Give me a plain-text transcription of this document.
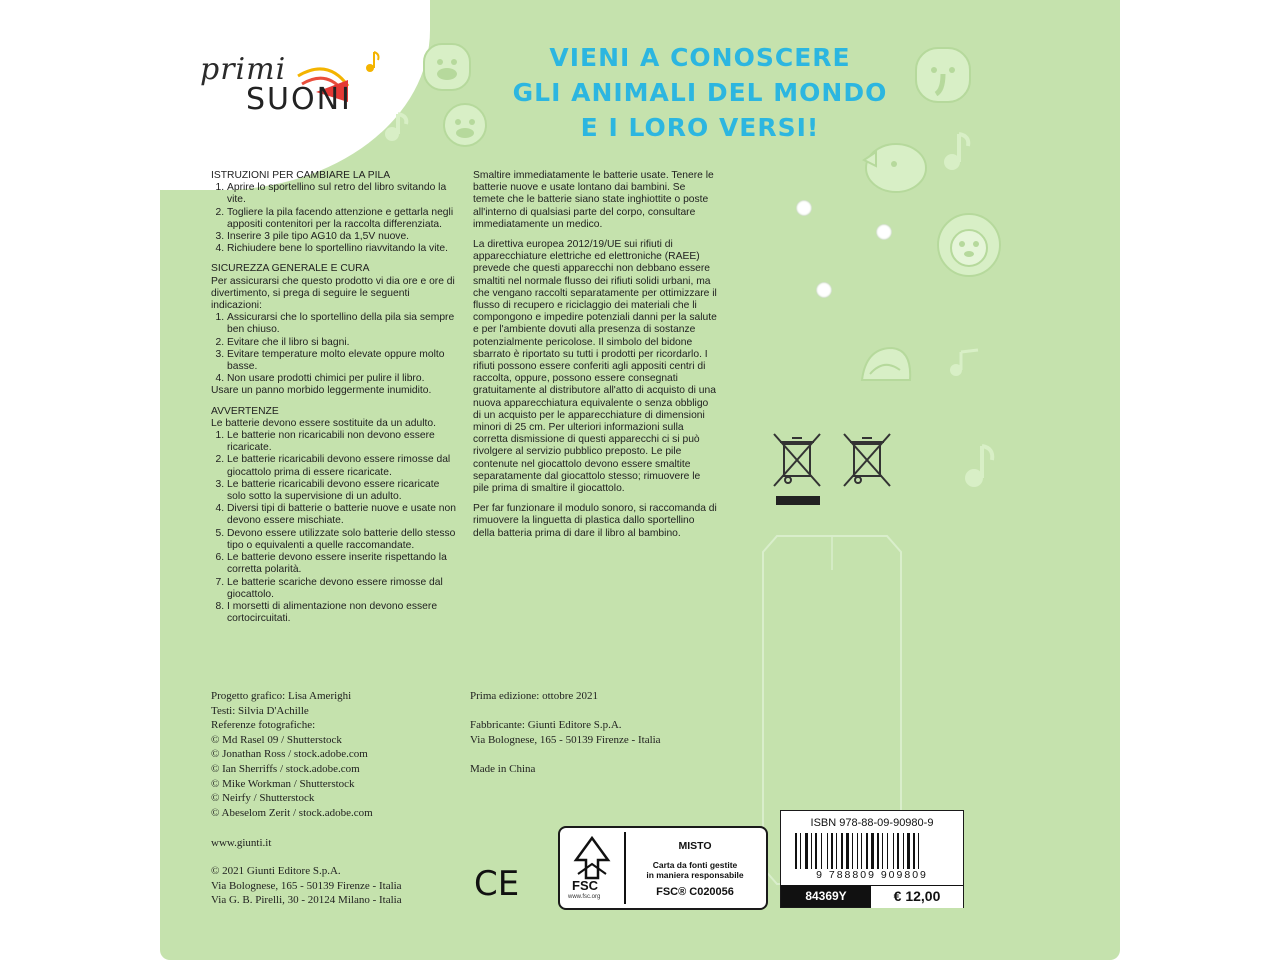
primi
SUONI
VIENI A CONOSCERE
GLI ANIMALI DEL MONDO
E I LORO VERSI!

ISTRUZIONI PER CAMBIARE LA PILA

1. Aprire lo sportellino sul retro del libro svitando la vite.
2. Togliere la pila facendo attenzione e gettarla negli appositi contenitori per la raccolta differenziata.
3. Inserire 3 pile tipo AG10 da 1,5V nuove.
4. Richiudere bene lo sportellino riavvitando la vite.

SICUREZZA GENERALE E CURA

Per assicurarsi che questo prodotto vi dia ore e ore di divertimento, si prega di seguire le seguenti indicazioni:

1. Assicurarsi che lo sportellino della pila sia sempre ben chiuso.
2. Evitare che il libro si bagni.
3. Evitare temperature molto elevate oppure molto basse.
4. Non usare prodotti chimici per pulire il libro.

Usare un panno morbido leggermente inumidito.

AVVERTENZE

Le batterie devono essere sostituite da un adulto.

1. Le batterie non ricaricabili non devono essere ricaricate.
2. Le batterie ricaricabili devono essere rimosse dal giocattolo prima di essere ricaricate.
3. Le batterie ricaricabili devono essere ricaricate solo sotto la supervisione di un adulto.
4. Diversi tipi di batterie o batterie nuove e usate non devono essere mischiate.
5. Devono essere utilizzate solo batterie dello stesso tipo o equivalenti a quelle raccomandate.
6. Le batterie devono essere inserite rispettando la corretta polarità.
7. Le batterie scariche devono essere rimosse dal giocattolo.
8. I morsetti di alimentazione non devono essere cortocircuitati.

Smaltire immediatamente le batterie usate. Tenere le batterie nuove e usate lontano dai bambini. Se temete che le batterie siano state inghiottite o poste all'interno di qualsiasi parte del corpo, consultare immediatamente un medico.

La direttiva europea 2012/19/UE sui rifiuti di apparecchiature elettriche ed elettroniche (RAEE) prevede che questi apparecchi non debbano essere smaltiti nel normale flusso dei rifiuti solidi urbani, ma che vengano raccolti separatamente per ottimizzare il flusso di recupero e riciclaggio dei materiali che li compongono e impedire potenziali danni per la salute e per l'ambiente dovuti alla presenza di sostanze potenzialmente pericolose. Il simbolo del bidone sbarrato è riportato su tutti i prodotti per ricordarlo. I rifiuti possono essere conferiti agli appositi centri di raccolta, oppure, possono essere consegnati gratuitamente al distributore all'atto di acquisto di una nuova apparecchiatura equivalente o senza obbligo di un acquisto per le apparecchiature di dimensioni minori di 25 cm. Per ulteriori informazioni sulla corretta dismissione di questi apparecchi ci si può rivolgere al servizio pubblico preposto. Le pile contenute nel giocattolo devono essere smaltite separatamente dal giocattolo stesso; rimuovere le pile prima di smaltire il giocattolo.

Per far funzionare il modulo sonoro, si raccomanda di rimuovere la linguetta di plastica dallo sportellino della batteria prima di dare il libro al bambino.

Progetto grafico: Lisa Amerighi

Testi: Silvia D'Achille

Referenze fotografiche:

© Md Rasel 09 / Shutterstock

© Jonathan Ross / stock.adobe.com

© Ian Sherriffs / stock.adobe.com

© Mike Workman / Shutterstock

© Neirfy / Shutterstock

© Abeselom Zerit / stock.adobe.com

www.giunti.it

© 2021 Giunti Editore S.p.A.

Via Bolognese, 165 - 50139 Firenze - Italia

Via G. B. Pirelli, 30 - 20124 Milano - Italia

Prima edizione: ottobre 2021

Fabbricante: Giunti Editore S.p.A.

Via Bolognese, 165 - 50139 Firenze - Italia

Made in China
CE	FSC
www.fsc.org
MISTO
Carta da fonti gestite
in maniera responsabile
FSC® C020056
ISBN 978-88-09-90980-9
9 788809 909809
84369Y	€ 12,00
